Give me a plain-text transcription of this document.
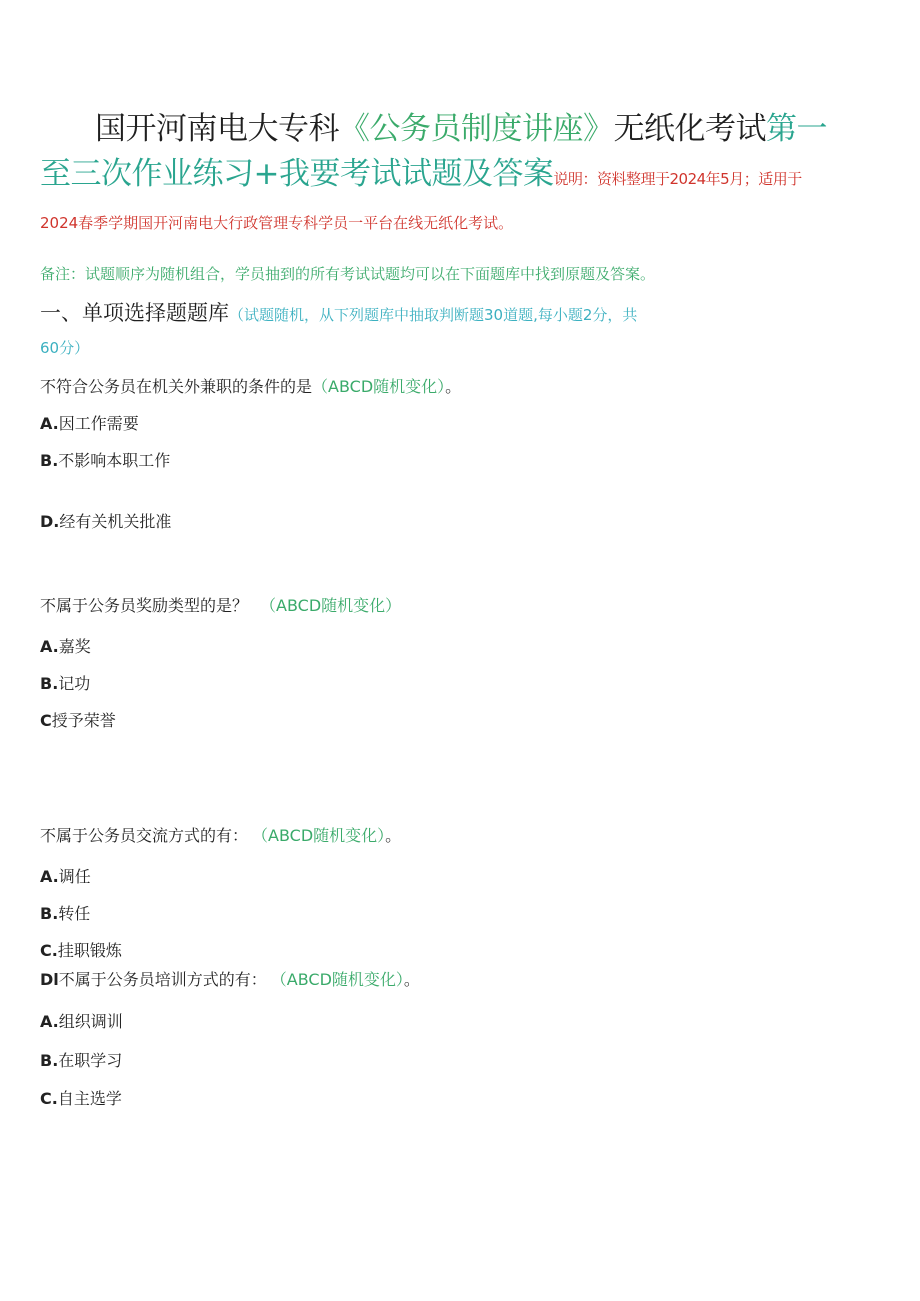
国开河南电大专科《公务员制度讲座》无纸化考试第一
至三次作业练习+我要考试试题及答案说明：资料整理于2024年5月；适用于
2024春季学期国开河南电大行政管理专科学员一平台在线无纸化考试。
备注：试题顺序为随机组合，学员抽到的所有考试试题均可以在下面题库中找到原题及答案。
一、单项选择题题库（试题随机，从下列题库中抽取判断题30道题,每小题2分，共
60分）
不符合公务员在机关外兼职的条件的是（ABCD随机变化）。
A.因工作需要
B.不影响本职工作
D.经有关机关批准
不属于公务员奖励类型的是？ （ABCD随机变化）
A.嘉奖
B.记功
C授予荣誉
不属于公务员交流方式的有： （ABCD随机变化）。
A.调任
B.转任
C.挂职锻炼
Dl不属于公务员培训方式的有： （ABCD随机变化）。
A.组织调训
B.在职学习
C.自主选学
